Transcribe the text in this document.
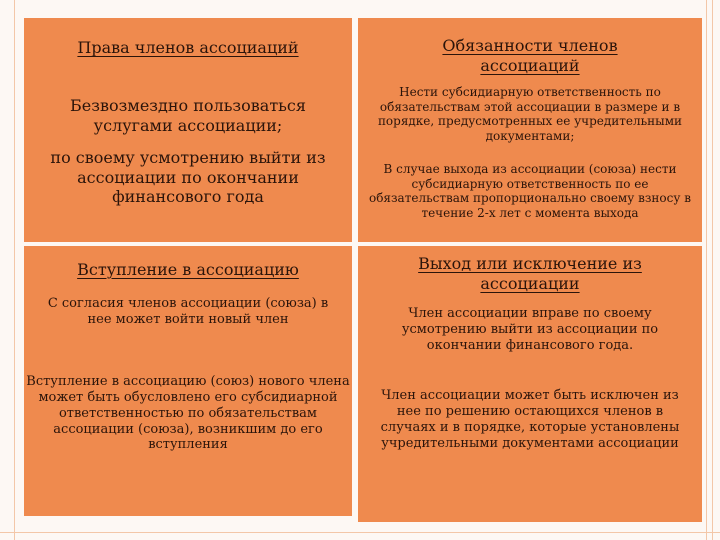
Права членов ассоциаций
Безвозмездно пользоваться услугами ассоциации;
по своему усмотрению выйти из ассоциации по окончании финансового года
Обязанности членов ассоциаций
Нести субсидиарную ответственность по обязательствам этой ассоциации в размере и в порядке, предусмотренных ее учредительными документами;
В случае выхода из ассоциации (союза) нести субсидиарную ответственность по ее обязательствам пропорционально своему взносу в течение 2-х лет с момента выхода
Вступление в ассоциацию
С согласия членов ассоциации (союза) в нее может войти новый член
Вступление в ассоциацию (союз) нового члена может быть обусловлено его субсидиарной ответственностью по обязательствам ассоциации (союза), возникшим до его вступления
Выход или исключение из ассоциации
Член ассоциации вправе по своему усмотрению выйти из ассоциации по окончании финансового года.
Член ассоциации может быть исключен из нее по решению остающихся членов в случаях и в порядке, которые установлены учредительными документами ассоциации
